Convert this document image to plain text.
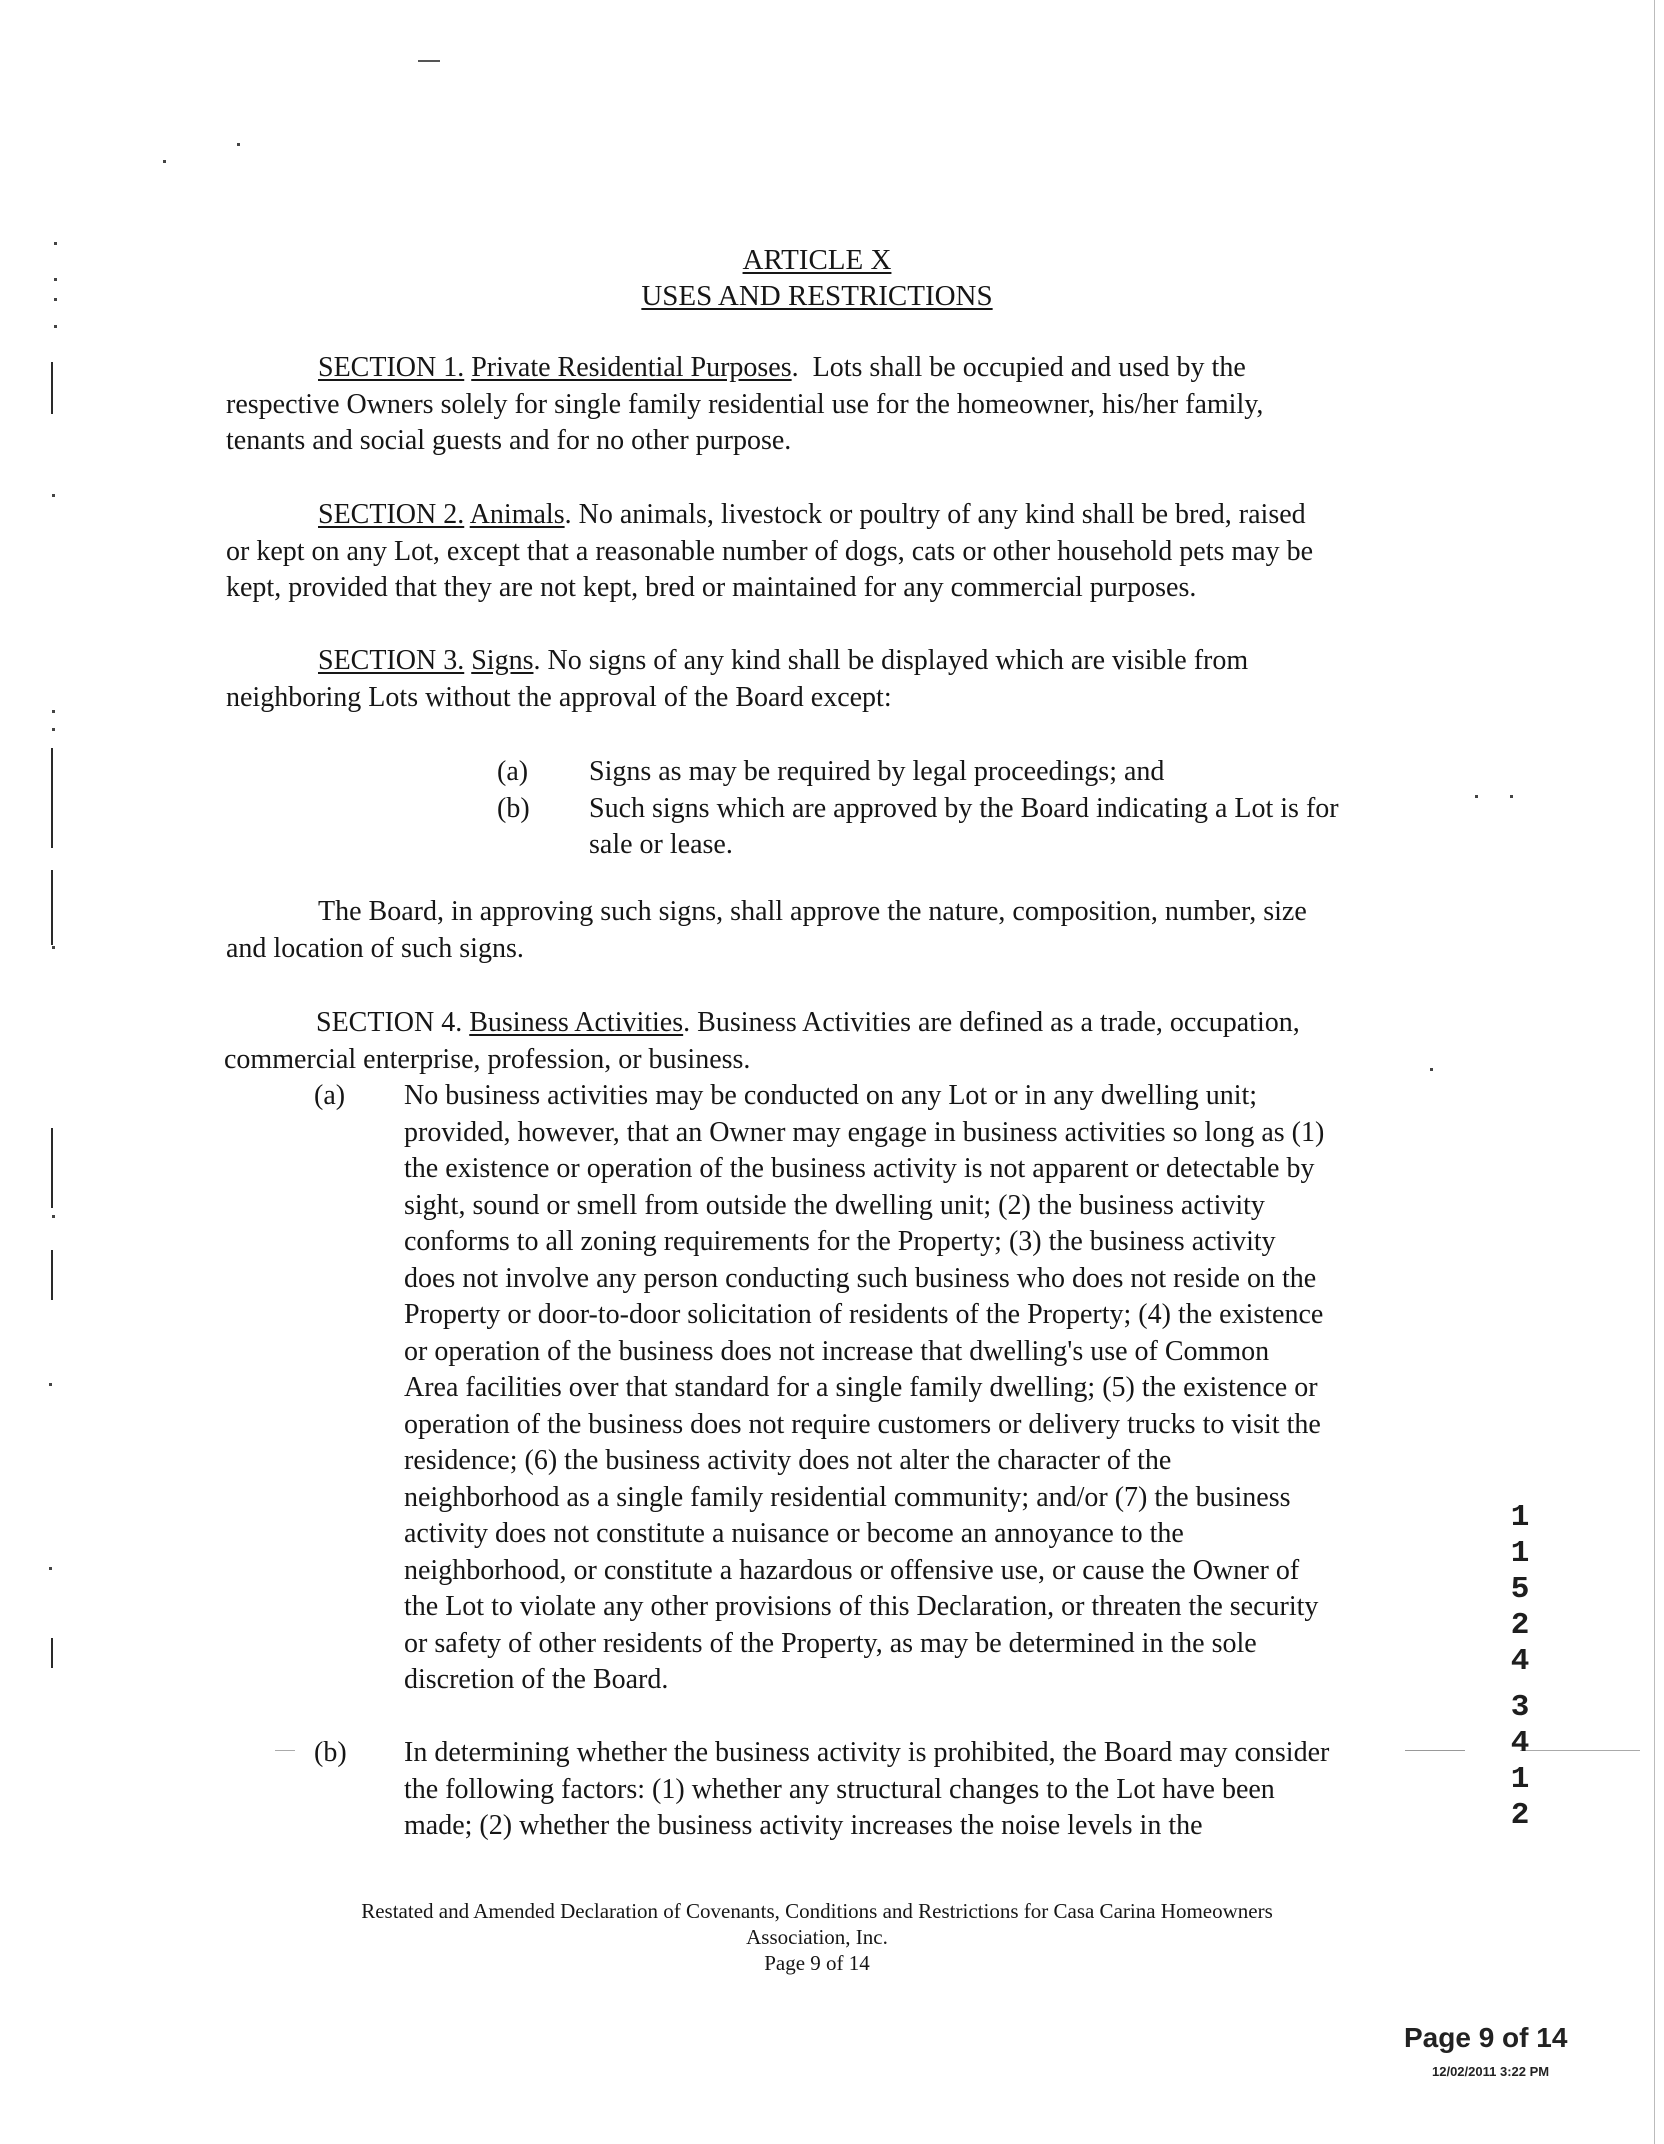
ARTICLE X
USES AND RESTRICTIONS
SECTION 1. Private Residential Purposes.  Lots shall be occupied and used by the
respective Owners solely for single family residential use for the homeowner, his/her family,
tenants and social guests and for no other purpose.
SECTION 2. Animals. No animals, livestock or poultry of any kind shall be bred, raised
or kept on any Lot, except that a reasonable number of dogs, cats or other household pets may be
kept, provided that they are not kept, bred or maintained for any commercial purposes.
SECTION 3. Signs. No signs of any kind shall be displayed which are visible from
neighboring Lots without the approval of the Board except:
(a)	Signs as may be required by legal proceedings; and
(b)	Such signs which are approved by the Board indicating a Lot is for
sale or lease.
The Board, in approving such signs, shall approve the nature, composition, number, size
and location of such signs.
SECTION 4. Business Activities. Business Activities are defined as a trade, occupation,
commercial enterprise, profession, or business.
(a)	No business activities may be conducted on any Lot or in any dwelling unit;
provided, however, that an Owner may engage in business activities so long as (1)
the existence or operation of the business activity is not apparent or detectable by
sight, sound or smell from outside the dwelling unit; (2) the business activity
conforms to all zoning requirements for the Property; (3) the business activity
does not involve any person conducting such business who does not reside on the
Property or door-to-door solicitation of residents of the Property; (4) the existence
or operation of the business does not increase that dwelling's use of Common
Area facilities over that standard for a single family dwelling; (5) the existence or
operation of the business does not require customers or delivery trucks to visit the
residence; (6) the business activity does not alter the character of the
neighborhood as a single family residential community; and/or (7) the business
activity does not constitute a nuisance or become an annoyance to the
neighborhood, or constitute a hazardous or offensive use, or cause the Owner of
the Lot to violate any other provisions of this Declaration, or threaten the security
or safety of other residents of the Property, as may be determined in the sole
discretion of the Board.
(b)	In determining whether the business activity is prohibited, the Board may consider
the following factors: (1) whether any structural changes to the Lot have been
made; (2) whether the business activity increases the noise levels in the
1
1
5
2
4
3
4
1
2
Restated and Amended Declaration of Covenants, Conditions and Restrictions for Casa Carina Homeowners
Association, Inc.
Page 9 of 14
Page 9 of 14
12/02/2011 3:22 PM
